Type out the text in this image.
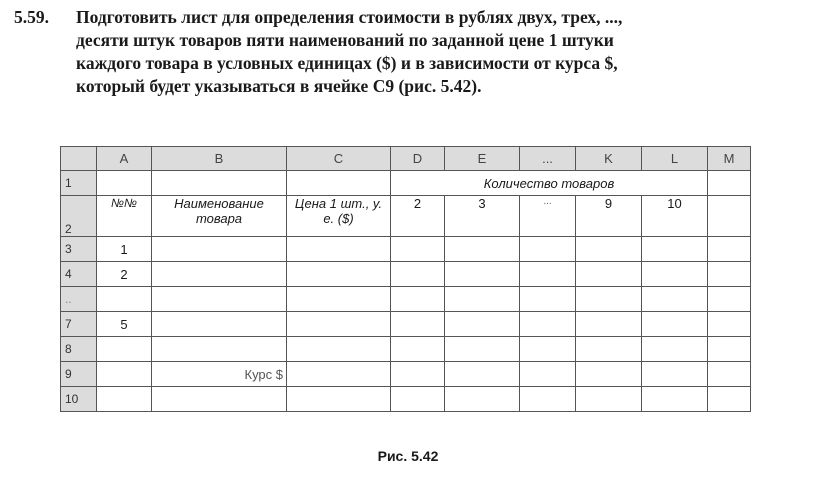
5.59. Подготовить лист для определения стоимости в рублях двух, трех, ...,
десяти штук товаров пяти наименований по заданной цене 1 штуки
каждого товара в условных единицах ($) и в зависимости от курса $,
который будет указываться в ячейке С9 (рис. 5.42).
	A	B	C	D	E	...	K	L	M
1				Количество товаров					
2	№№	Наименование товара	Цена 1 шт., у. е. ($)	2	3	...	9	10	
3	1								
4	2								
..									
7	5								
8									
9		Курс $							
10									
Рис. 5.42
